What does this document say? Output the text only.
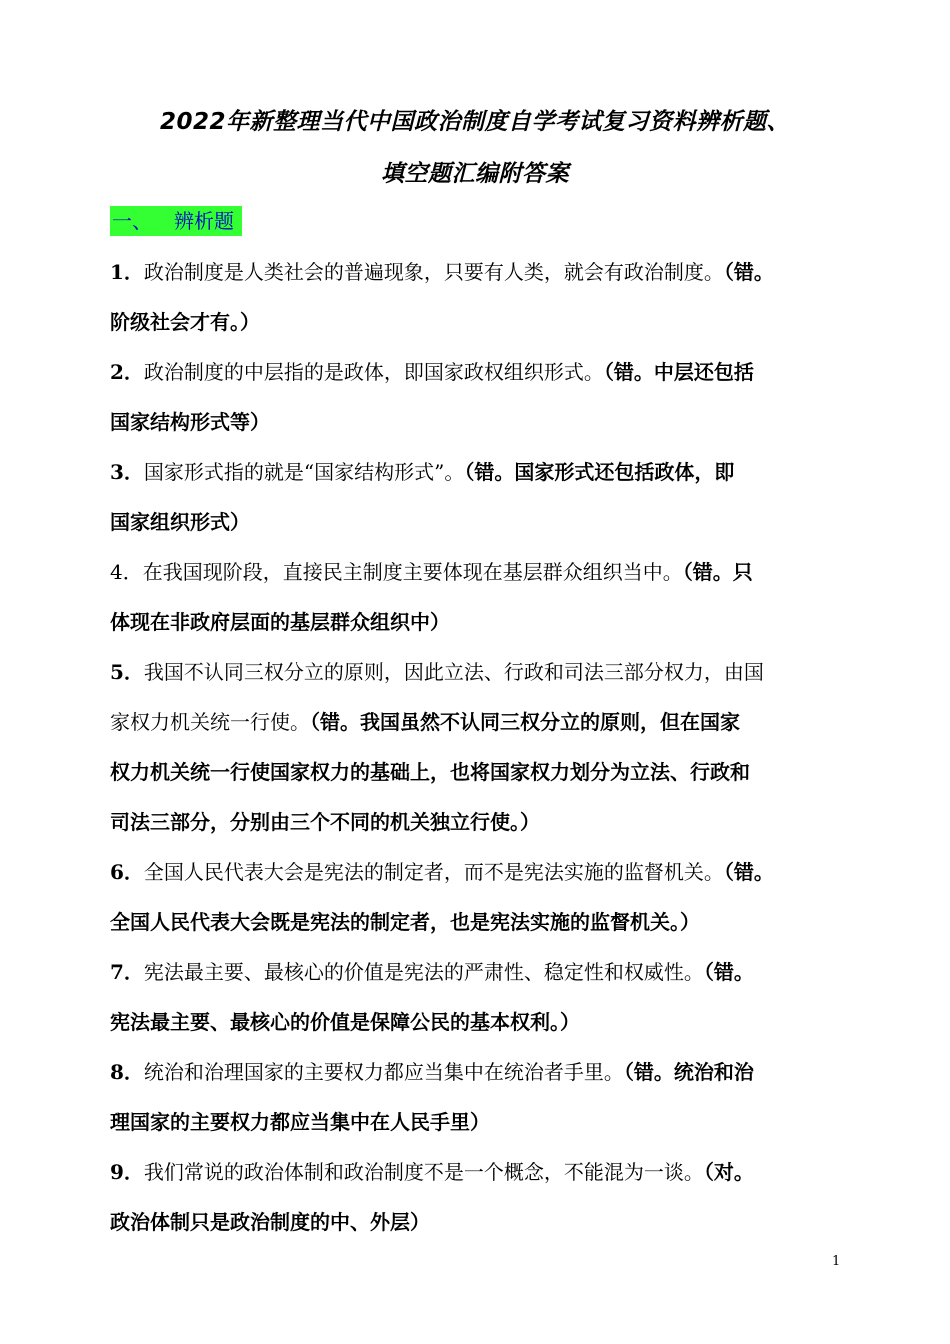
2022年新整理当代中国政治制度自学考试复习资料辨析题、
填空题汇编附答案
一、 辨析题
1．政治制度是人类社会的普遍现象，只要有人类，就会有政治制度。（错。
阶级社会才有。）
2．政治制度的中层指的是政体，即国家政权组织形式。（错。中层还包括
国家结构形式等）
3．国家形式指的就是“国家结构形式”。（错。国家形式还包括政体，即
国家组织形式）
4．在我国现阶段，直接民主制度主要体现在基层群众组织当中。（错。只
体现在非政府层面的基层群众组织中）
5．我国不认同三权分立的原则，因此立法、行政和司法三部分权力，由国
家权力机关统一行使。（错。我国虽然不认同三权分立的原则，但在国家
权力机关统一行使国家权力的基础上，也将国家权力划分为立法、行政和
司法三部分，分别由三个不同的机关独立行使。）
6．全国人民代表大会是宪法的制定者，而不是宪法实施的监督机关。（错。
全国人民代表大会既是宪法的制定者，也是宪法实施的监督机关。）
7．宪法最主要、最核心的价值是宪法的严肃性、稳定性和权威性。（错。
宪法最主要、最核心的价值是保障公民的基本权利。）
8．统治和治理国家的主要权力都应当集中在统治者手里。（错。统治和治
理国家的主要权力都应当集中在人民手里）
9．我们常说的政治体制和政治制度不是一个概念，不能混为一谈。（对。
政治体制只是政治制度的中、外层）
1
